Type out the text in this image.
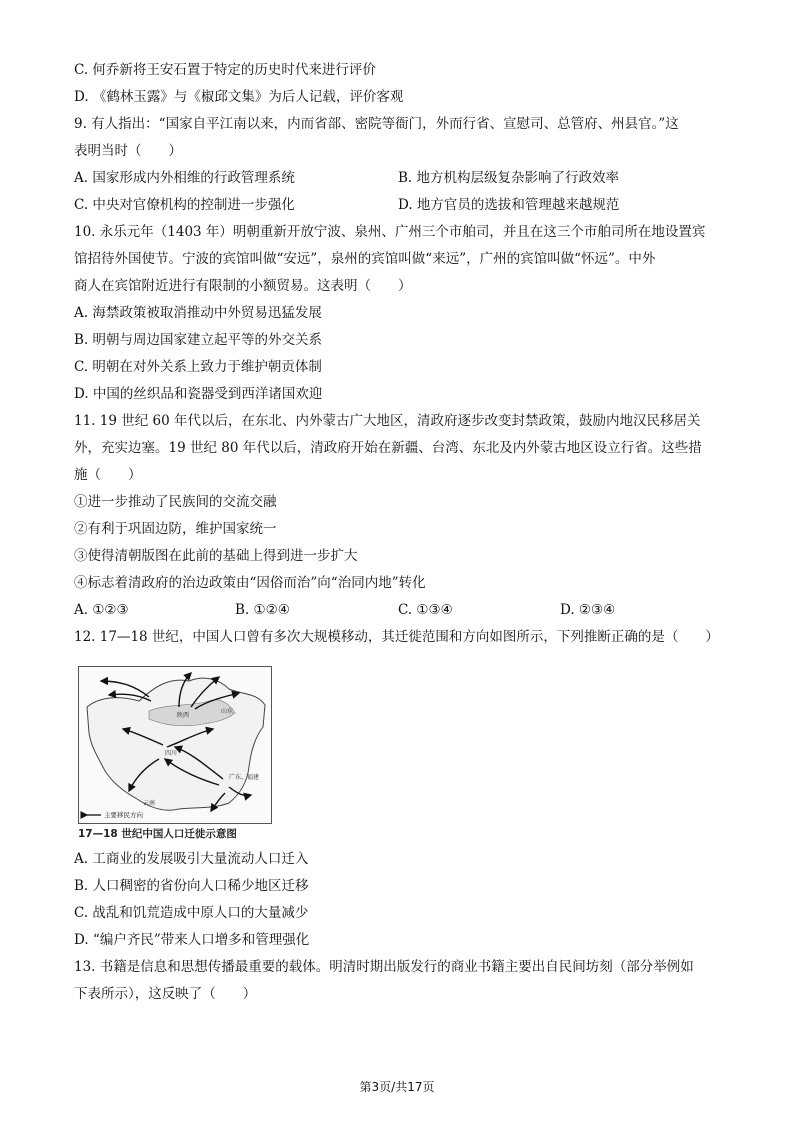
C. 何乔新将王安石置于特定的历史时代来进行评价
D. 《鹤林玉露》与《椒邱文集》为后人记载，评价客观
9. 有人指出：“国家自平江南以来，内而省部、密院等衙门，外而行省、宣慰司、总管府、州县官。”这
表明当时（　　）
A. 国家形成内外相维的行政管理系统	B. 地方机构层级复杂影响了行政效率
C. 中央对官僚机构的控制进一步强化	D. 地方官员的选拔和管理越来越规范
10. 永乐元年（1403 年）明朝重新开放宁波、泉州、广州三个市舶司，并且在这三个市舶司所在地设置宾
馆招待外国使节。宁波的宾馆叫做“安远”，泉州的宾馆叫做“来远”，广州的宾馆叫做“怀远”。中外
商人在宾馆附近进行有限制的小额贸易。这表明（　　）
A. 海禁政策被取消推动中外贸易迅猛发展
B. 明朝与周边国家建立起平等的外交关系
C. 明朝在对外关系上致力于维护朝贡体制
D. 中国的丝织品和瓷器受到西洋诸国欢迎
11. 19 世纪 60 年代以后，在东北、内外蒙古广大地区，清政府逐步改变封禁政策，鼓励内地汉民移居关
外，充实边塞。19 世纪 80 年代以后，清政府开始在新疆、台湾、东北及内外蒙古地区设立行省。这些措
施（　　）
①进一步推动了民族间的交流交融
②有利于巩固边防，维护国家统一
③使得清朝版图在此前的基础上得到进一步扩大
④标志着清政府的治边政策由“因俗而治”向“治同内地”转化
A. ①②③	B. ①②④	C. ①③④	D. ②③④
12. 17—18 世纪，中国人口曾有多次大规模移动，其迁徙范围和方向如图所示，下列推断正确的是（　　）
陕西
山东
四川
广东、福建
云南
主要移民方向
17—18 世纪中国人口迁徙示意图
A. 工商业的发展吸引大量流动人口迁入
B. 人口稠密的省份向人口稀少地区迁移
C. 战乱和饥荒造成中原人口的大量减少
D. “编户齐民”带来人口增多和管理强化
13. 书籍是信息和思想传播最重要的载体。明清时期出版发行的商业书籍主要出自民间坊刻（部分举例如
下表所示），这反映了（　　）
第3页/共17页
